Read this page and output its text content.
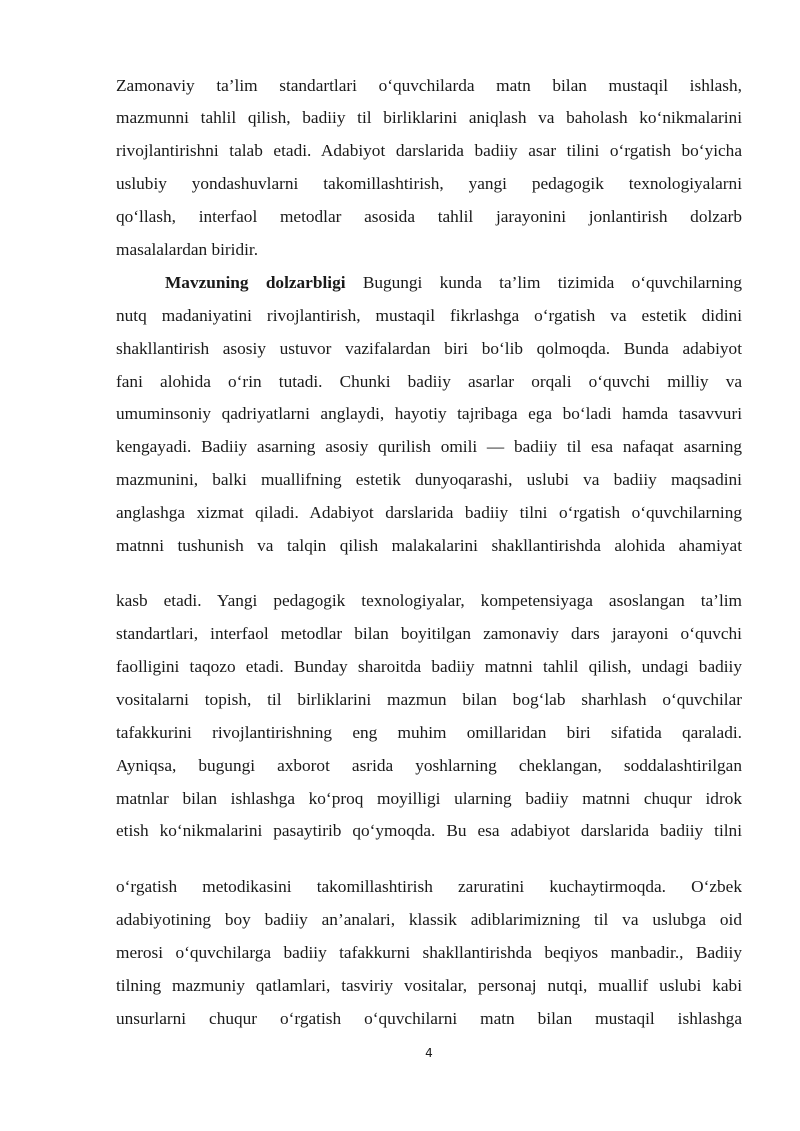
Zamonaviy ta’lim standartlari o‘quvchilarda matn bilan mustaqil ishlash,
mazmunni tahlil qilish, badiiy til birliklarini aniqlash va baholash ko‘nikmalarini
rivojlantirishni talab etadi. Adabiyot darslarida badiiy asar tilini o‘rgatish bo‘yicha
uslubiy yondashuvlarni takomillashtirish, yangi pedagogik texnologiyalarni
qo‘llash, interfaol metodlar asosida tahlil jarayonini jonlantirish dolzarb
masalalardan biridir.
Mavzuning dolzarbligi Bugungi kunda ta’lim tizimida o‘quvchilarning
nutq madaniyatini rivojlantirish, mustaqil fikrlashga o‘rgatish va estetik didini
shakllantirish asosiy ustuvor vazifalardan biri bo‘lib qolmoqda. Bunda adabiyot
fani alohida o‘rin tutadi. Chunki badiiy asarlar orqali o‘quvchi milliy va
umuminsoniy qadriyatlarni anglaydi, hayotiy tajribaga ega bo‘ladi hamda tasavvuri
kengayadi. Badiiy asarning asosiy qurilish omili — badiiy til esa nafaqat asarning
mazmunini, balki muallifning estetik dunyoqarashi, uslubi va badiiy maqsadini
anglashga xizmat qiladi. Adabiyot darslarida badiiy tilni o‘rgatish o‘quvchilarning
matnni tushunish va talqin qilish malakalarini shakllantirishda alohida ahamiyat
kasb etadi. Yangi pedagogik texnologiyalar, kompetensiyaga asoslangan ta’lim
standartlari, interfaol metodlar bilan boyitilgan zamonaviy dars jarayoni o‘quvchi
faolligini taqozo etadi. Bunday sharoitda badiiy matnni tahlil qilish, undagi badiiy
vositalarni topish, til birliklarini mazmun bilan bog‘lab sharhlash o‘quvchilar
tafakkurini rivojlantirishning eng muhim omillaridan biri sifatida qaraladi.
Ayniqsa, bugungi axborot asrida yoshlarning cheklangan, soddalashtirilgan
matnlar bilan ishlashga ko‘proq moyilligi ularning badiiy matnni chuqur idrok
etish ko‘nikmalarini pasaytirib qo‘ymoqda. Bu esa adabiyot darslarida badiiy tilni
o‘rgatish metodikasini takomillashtirish zaruratini kuchaytirmoqda. O‘zbek
adabiyotining boy badiiy an’analari, klassik adiblarimizning til va uslubga oid
merosi o‘quvchilarga badiiy tafakkurni shakllantirishda beqiyos manbadir., Badiiy
tilning mazmuniy qatlamlari, tasviriy vositalar, personaj nutqi, muallif uslubi kabi
unsurlarni chuqur o‘rgatish o‘quvchilarni matn bilan mustaqil ishlashga
4
